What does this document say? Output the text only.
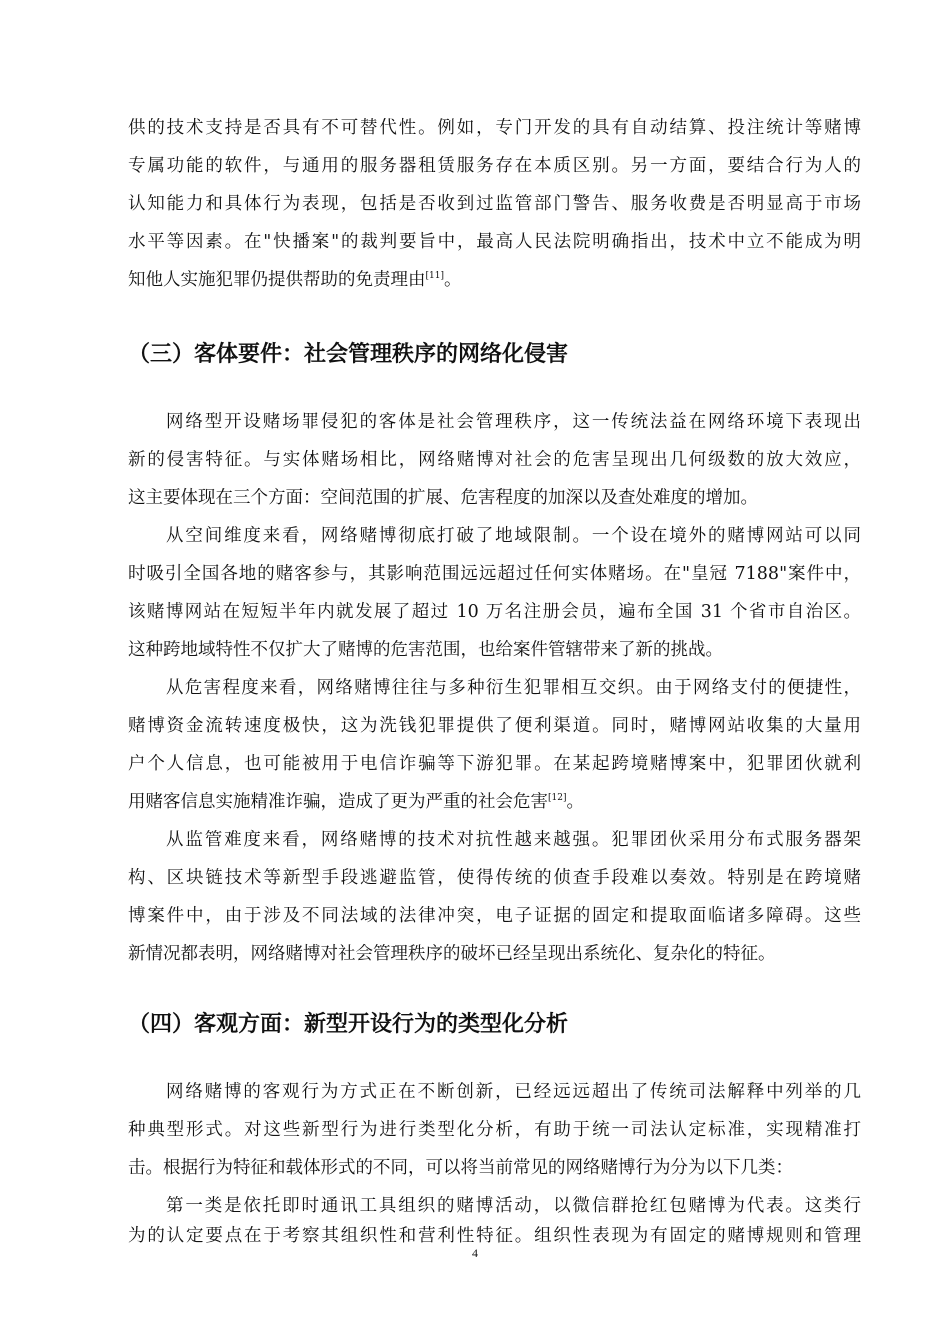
供的技术支持是否具有不可替代性。例如，专门开发的具有自动结算、投注统计等赌博
专属功能的软件，与通用的服务器租赁服务存在本质区别。另一方面，要结合行为人的
认知能力和具体行为表现，包括是否收到过监管部门警告、服务收费是否明显高于市场
水平等因素。在"快播案"的裁判要旨中，最高人民法院明确指出，技术中立不能成为明
知他人实施犯罪仍提供帮助的免责理由[11]。
（三）客体要件：社会管理秩序的网络化侵害
网络型开设赌场罪侵犯的客体是社会管理秩序，这一传统法益在网络环境下表现出
新的侵害特征。与实体赌场相比，网络赌博对社会的危害呈现出几何级数的放大效应，
这主要体现在三个方面：空间范围的扩展、危害程度的加深以及查处难度的增加。
从空间维度来看，网络赌博彻底打破了地域限制。一个设在境外的赌博网站可以同
时吸引全国各地的赌客参与，其影响范围远远超过任何实体赌场。在"皇冠 7188"案件中，
该赌博网站在短短半年内就发展了超过 10 万名注册会员，遍布全国 31 个省市自治区。
这种跨地域特性不仅扩大了赌博的危害范围，也给案件管辖带来了新的挑战。
从危害程度来看，网络赌博往往与多种衍生犯罪相互交织。由于网络支付的便捷性，
赌博资金流转速度极快，这为洗钱犯罪提供了便利渠道。同时，赌博网站收集的大量用
户个人信息，也可能被用于电信诈骗等下游犯罪。在某起跨境赌博案中，犯罪团伙就利
用赌客信息实施精准诈骗，造成了更为严重的社会危害[12]。
从监管难度来看，网络赌博的技术对抗性越来越强。犯罪团伙采用分布式服务器架
构、区块链技术等新型手段逃避监管，使得传统的侦查手段难以奏效。特别是在跨境赌
博案件中，由于涉及不同法域的法律冲突，电子证据的固定和提取面临诸多障碍。这些
新情况都表明，网络赌博对社会管理秩序的破坏已经呈现出系统化、复杂化的特征。
（四）客观方面：新型开设行为的类型化分析
网络赌博的客观行为方式正在不断创新，已经远远超出了传统司法解释中列举的几
种典型形式。对这些新型行为进行类型化分析，有助于统一司法认定标准，实现精准打
击。根据行为特征和载体形式的不同，可以将当前常见的网络赌博行为分为以下几类：
第一类是依托即时通讯工具组织的赌博活动，以微信群抢红包赌博为代表。这类行
为的认定要点在于考察其组织性和营利性特征。组织性表现为有固定的赌博规则和管理
4
